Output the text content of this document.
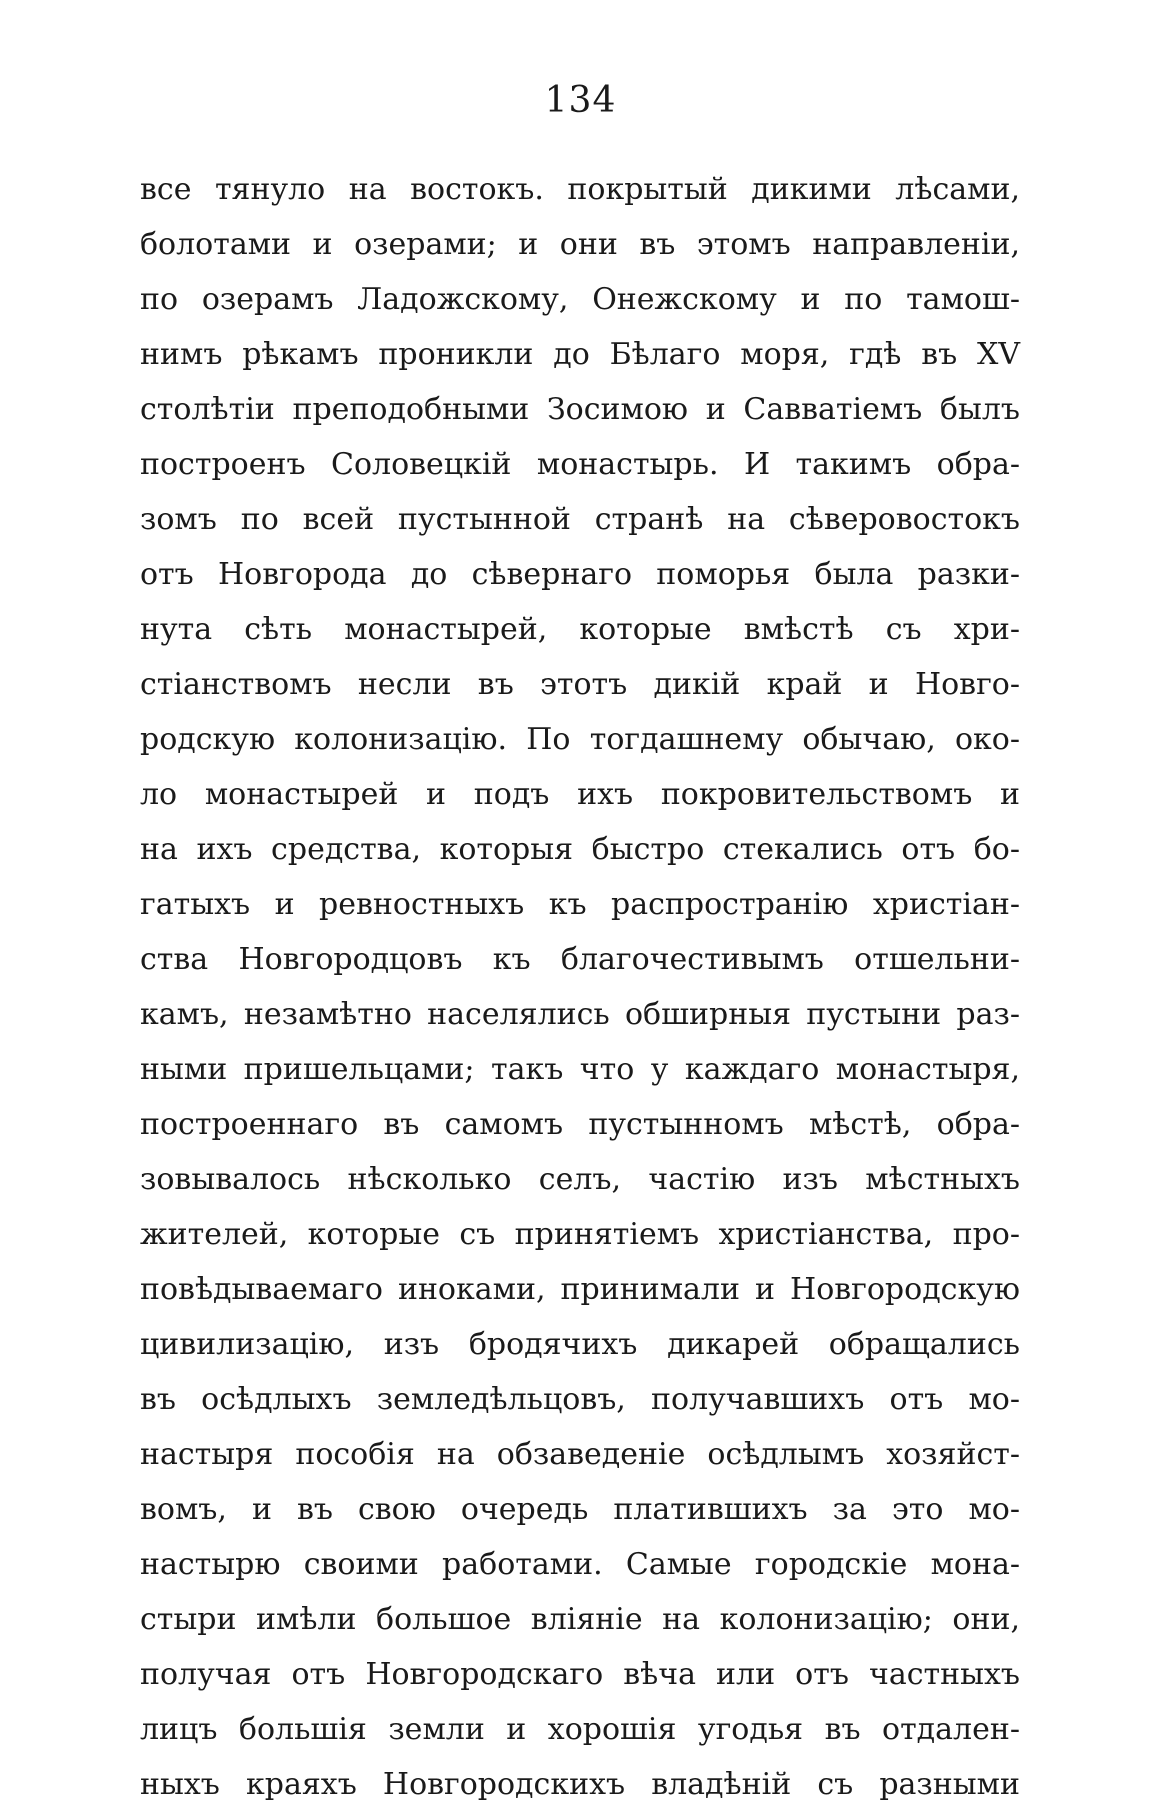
134
все тянуло на востокъ. покрытый дикими лѣсами,
болотами и озерами; и они въ этомъ направленіи,
по озерамъ Ладожскому, Онежскому и по тамош-
нимъ рѣкамъ проникли до Бѣлаго моря, гдѣ въ XV
столѣтіи преподобными Зосимою и Савватіемъ былъ
построенъ Соловецкій монастырь. И такимъ обра-
зомъ по всей пустынной странѣ на сѣверовостокъ
отъ Новгорода до сѣвернаго поморья была разки-
нута сѣть монастырей, которые вмѣстѣ съ хри-
стіанствомъ несли въ этотъ дикій край и Новго-
родскую колонизацію. По тогдашнему обычаю, око-
ло монастырей и подъ ихъ покровительствомъ и
на ихъ средства, которыя быстро стекались отъ бо-
гатыхъ и ревностныхъ къ распространію христіан-
ства Новгородцовъ къ благочестивымъ отшельни-
камъ, незамѣтно населялись обширныя пустыни раз-
ными пришельцами; такъ что у каждаго монастыря,
построеннаго въ самомъ пустынномъ мѣстѣ, обра-
зовывалось нѣсколько селъ, частію изъ мѣстныхъ
жителей, которые съ принятіемъ христіанства, про-
повѣдываемаго иноками, принимали и Новгородскую
цивилизацію, изъ бродячихъ дикарей обращались
въ осѣдлыхъ земледѣльцовъ, получавшихъ отъ мо-
настыря пособія на обзаведеніе осѣдлымъ хозяйст-
вомъ, и въ свою очередь платившихъ за это мо-
настырю своими работами. Самые городскіе мона-
стыри имѣли большое вліяніе на колонизацію; они,
получая отъ Новгородскаго вѣча или отъ частныхъ
лицъ большія земли и хорошія угодья въ отдален-
ныхъ краяхъ Новгородскихъ владѣній съ разными
